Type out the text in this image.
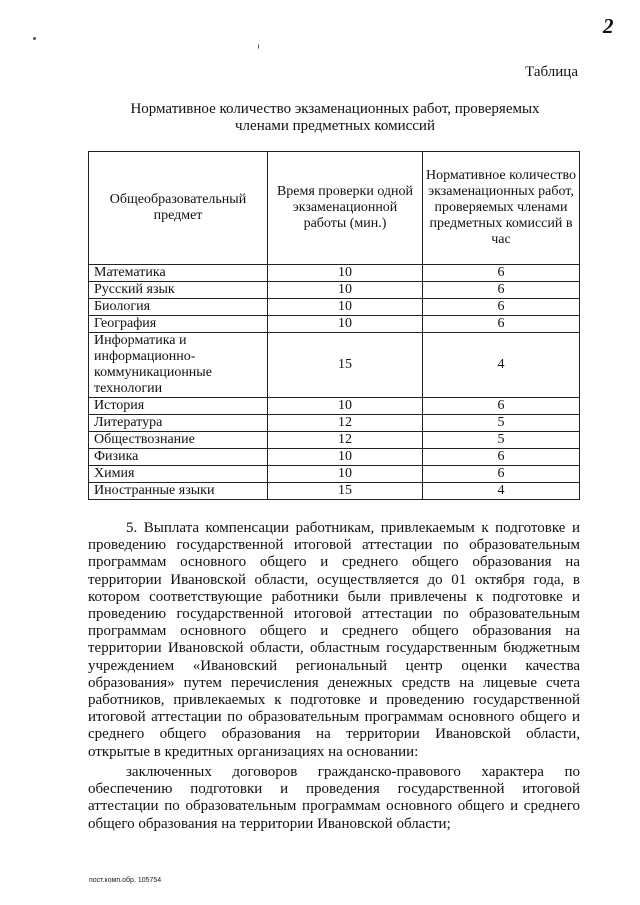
2
Таблица
Нормативное количество экзаменационных работ, проверяемых
членами предметных комиссий
Общеобразовательный предмет	Время проверки одной экзаменационной работы (мин.)	Нормативное количество экзаменационных работ, проверяемых членами предметных комиссий в час
Математика	10	6
Русский язык	10	6
Биология	10	6
География	10	6
Информатика и информационно-коммуникационные технологии	15	4
История	10	6
Литература	12	5
Обществознание	12	5
Физика	10	6
Химия	10	6
Иностранные языки	15	4
5. Выплата компенсации работникам, привлекаемым к подготовке и
проведению государственной итоговой аттестации по образовательным
программам основного общего и среднего общего образования на
территории Ивановской области, осуществляется до 01 октября года, в
котором соответствующие работники были привлечены к подготовке и
проведению государственной итоговой аттестации по образовательным
программам основного общего и среднего общего образования на
территории Ивановской области, областным государственным бюджетным
учреждением «Ивановский региональный центр оценки качества
образования» путем перечисления денежных средств на лицевые счета
работников, привлекаемых к подготовке и проведению государственной
итоговой аттестации по образовательным программам основного общего и
среднего общего образования на территории Ивановской области,
открытые в кредитных организациях на основании:
заключенных договоров гражданско-правового характера по
обеспечению подготовки и проведения государственной итоговой
аттестации по образовательным программам основного общего и среднего
общего образования на территории Ивановской области;
пост.комп.обр. 105754
